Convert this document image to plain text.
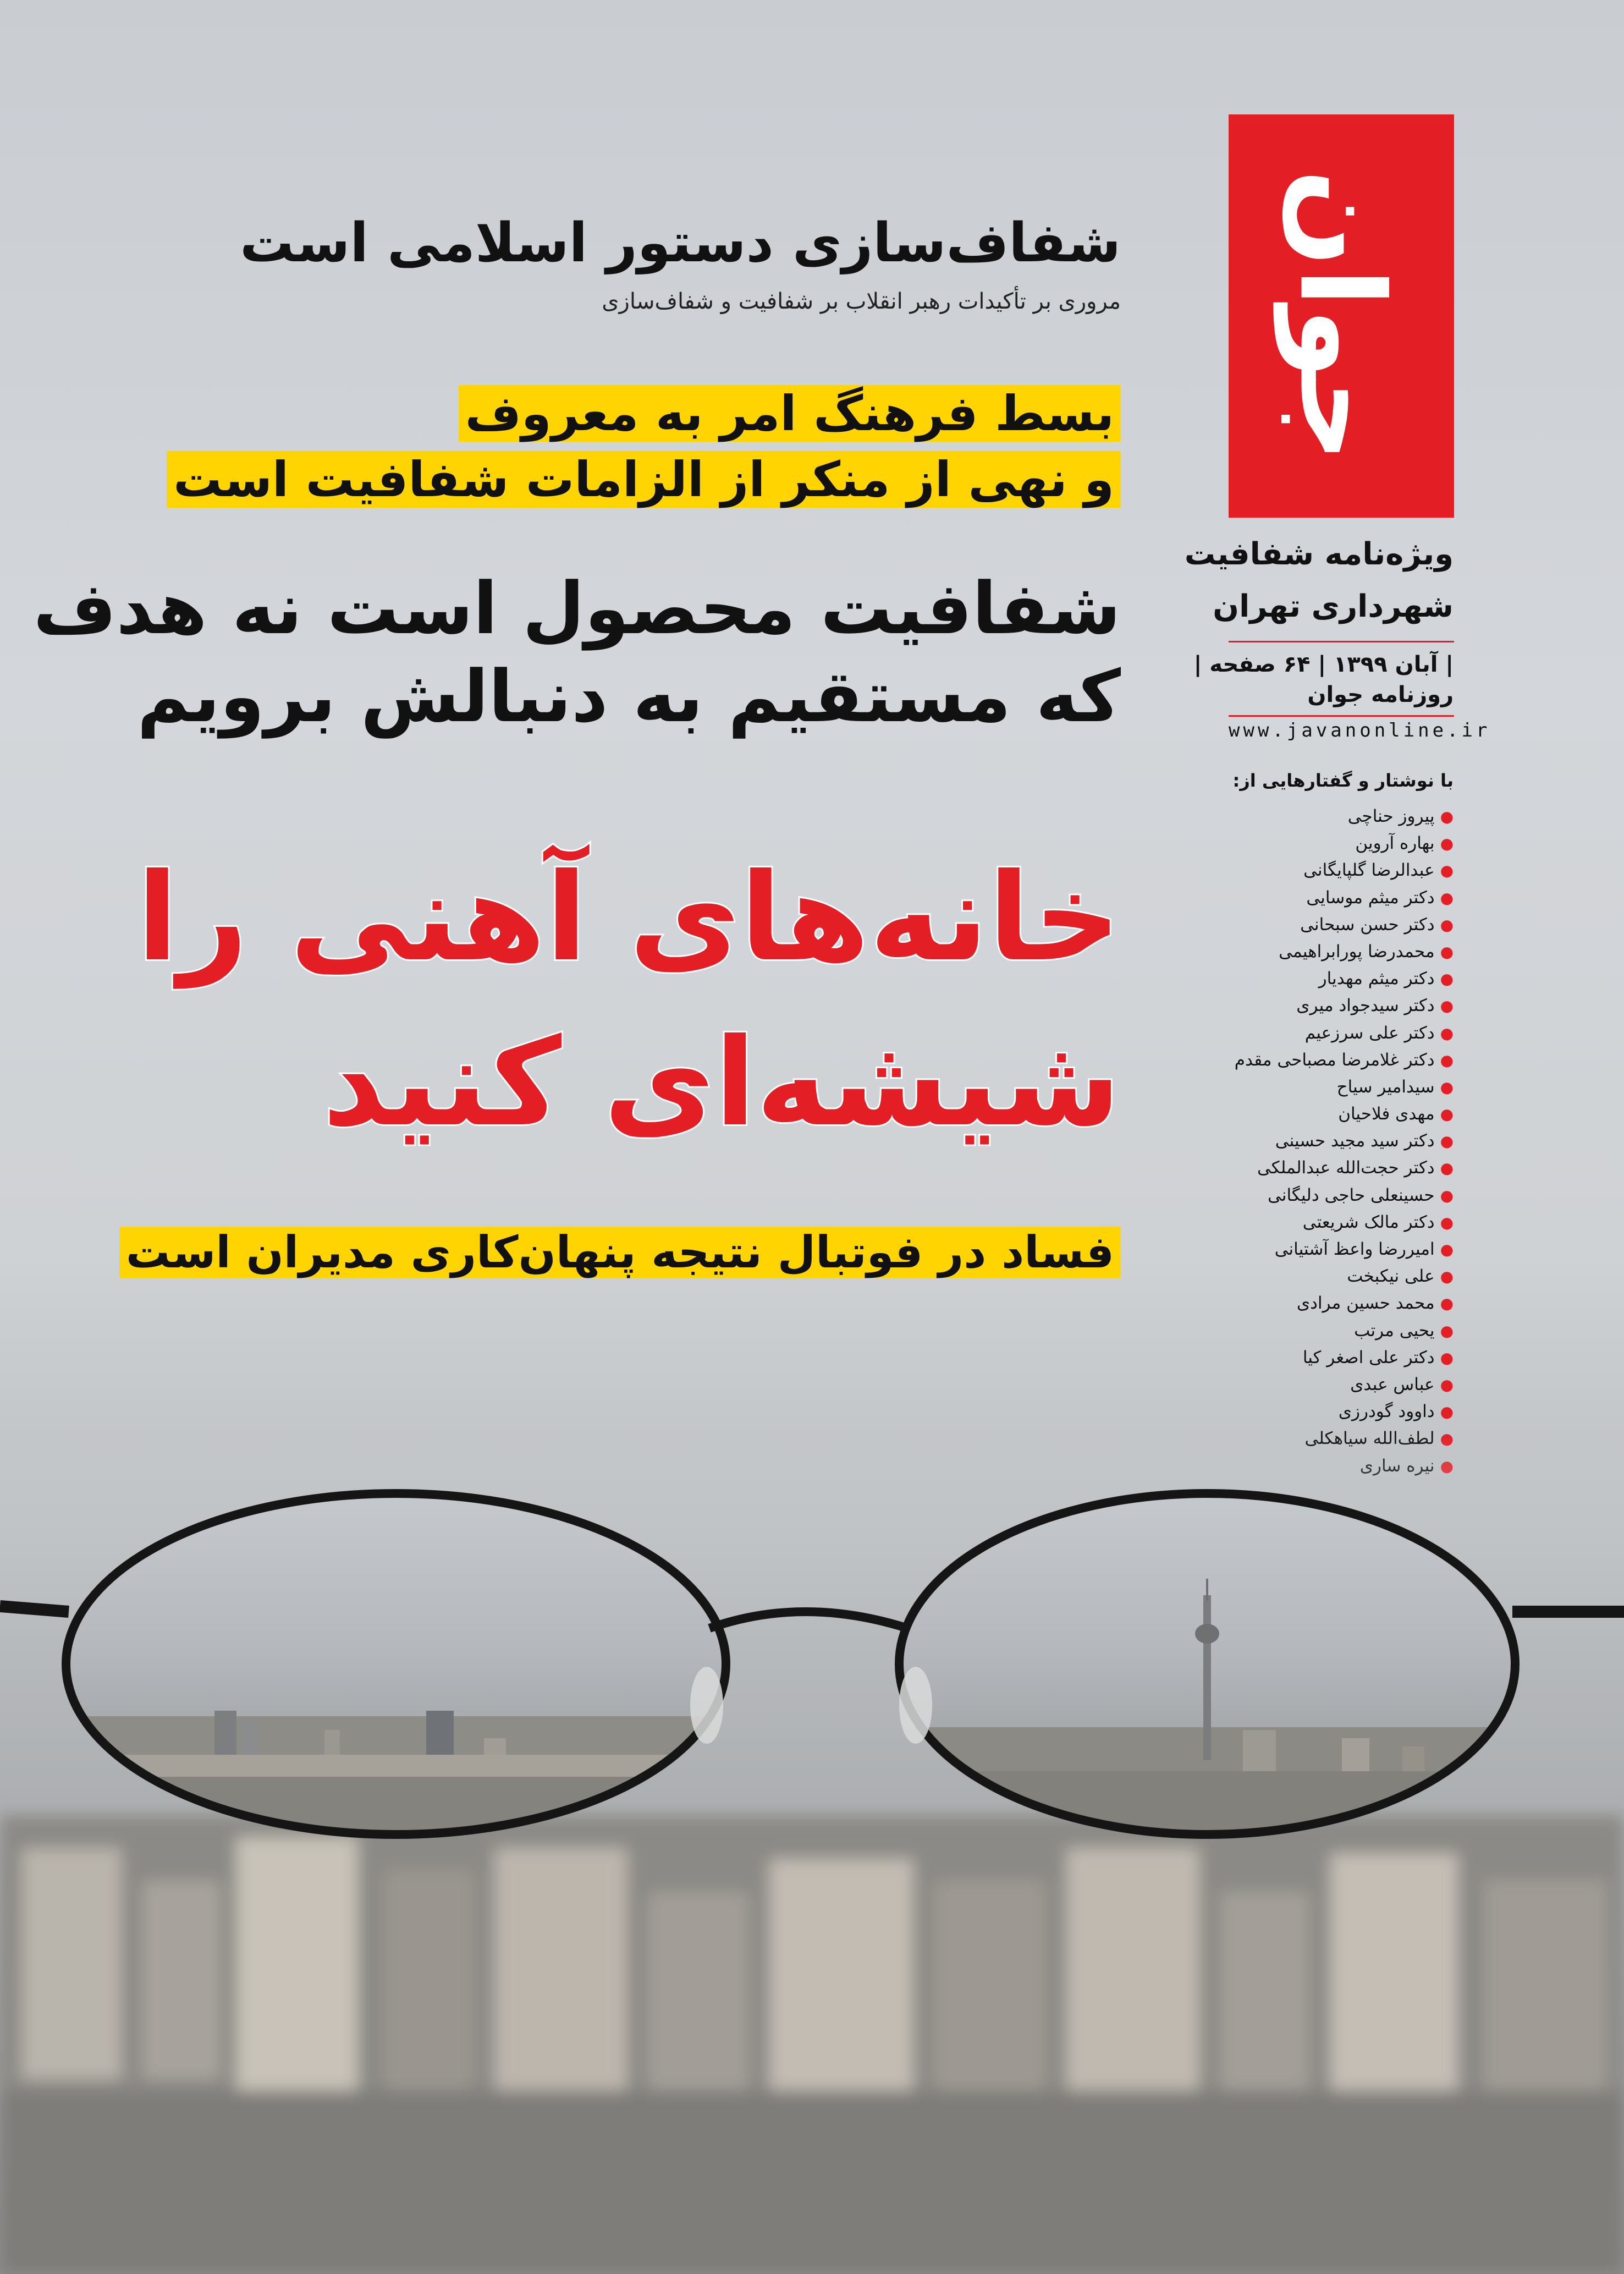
جوان
ویژه‌نامه شفافیت
شهرداری تهران
| آبان ۱۳۹۹ | ۶۴ صفحه |
روزنامه جوان
www.javanonline.ir
با نوشتار و گفتارهایی از:
●پیروز حناچی
●بهاره آروین
●عبدالرضا گلپایگانی
●دکتر میثم موسایی
●دکتر حسن سبحانی
●محمدرضا پورابراهیمی
●دکتر میثم مهدیار
●دکتر سیدجواد میری
●دکتر علی سرزعیم
●دکتر غلامرضا مصباحی مقدم
●سیدامیر سیاح
●مهدی فلاحیان
●دکتر سید مجید حسینی
●دکتر حجت‌الله عبدالملکی
●حسینعلی حاجی دلیگانی
●دکتر مالک شریعتی
●امیررضا واعظ آشتیانی
●علی نیکبخت
●محمد حسین مرادی
●یحیی مرتب
●دکتر علی اصغر کیا
●عباس عبدی
●داوود گودرزی
شفاف‌سازی دستور اسلامی است
مروری بر تأکیدات رهبر انقلاب بر شفافیت و شفاف‌سازی
بسط فرهنگ امر به معروف
و نهی از منکر از الزامات شفافیت است
شفافیت محصول است نه هدف
که مستقیم به دنبالش برویم
خانه‌های آهنی را
شیشه‌ای کنید
فساد در فوتبال نتیجه پنهان‌کاری مدیران است
